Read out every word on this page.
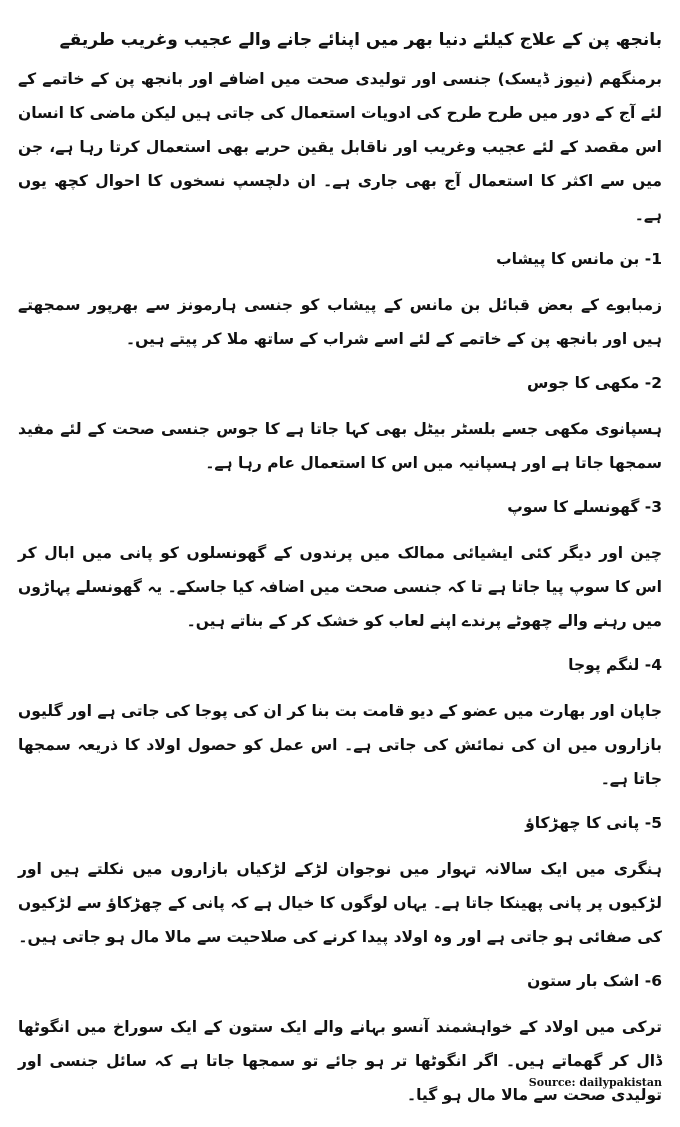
بانجھ پن کے علاج کیلئے دنیا بھر میں اپنائے جانے والے عجیب وغریب طریقے
برمنگھم (نیوز ڈیسک) جنسی اور تولیدی صحت میں اضافے اور بانجھ پن کے خاتمے کے لئے آج کے دور میں طرح طرح کی ادویات استعمال کی جاتی ہیں لیکن ماضی کا انسان اس مقصد کے لئے عجیب وغریب اور ناقابل یقین حربے بھی استعمال کرتا رہا ہے، جن میں سے اکثر کا استعمال آج بھی جاری ہے۔ ان دلچسپ نسخوں کا احوال کچھ یوں ہے۔
1- بن مانس کا پیشاب
زمبابوے کے بعض قبائل بن مانس کے پیشاب کو جنسی ہارمونز سے بھرپور سمجھتے ہیں اور بانجھ پن کے خاتمے کے لئے اسے شراب کے ساتھ ملا کر پیتے ہیں۔
2- مکھی کا جوس
ہسپانوی مکھی جسے بلسٹر بیٹل بھی کہا جاتا ہے کا جوس جنسی صحت کے لئے مفید سمجھا جاتا ہے اور ہسپانیہ میں اس کا استعمال عام رہا ہے۔
3- گھونسلے کا سوپ
چین اور دیگر کئی ایشیائی ممالک میں پرندوں کے گھونسلوں کو پانی میں ابال کر اس کا سوپ پیا جاتا ہے تا کہ جنسی صحت میں اضافہ کیا جاسکے۔ یہ گھونسلے پہاڑوں میں رہنے والے چھوٹے پرندے اپنے لعاب کو خشک کر کے بناتے ہیں۔
4- لنگم پوجا
جاپان اور بھارت میں عضو کے دیو قامت بت بنا کر ان کی پوجا کی جاتی ہے اور گلیوں بازاروں میں ان کی نمائش کی جاتی ہے۔ اس عمل کو حصول اولاد کا ذریعہ سمجھا جاتا ہے۔
5- پانی کا چھڑکاؤ
ہنگری میں ایک سالانہ تہوار میں نوجوان لڑکے لڑکیاں بازاروں میں نکلتے ہیں اور لڑکیوں پر پانی پھینکا جاتا ہے۔ یہاں لوگوں کا خیال ہے کہ پانی کے چھڑکاؤ سے لڑکیوں کی صفائی ہو جاتی ہے اور وہ اولاد پیدا کرنے کی صلاحیت سے مالا مال ہو جاتی ہیں۔
6- اشک بار ستون
ترکی میں اولاد کے خواہشمند آنسو بہانے والے ایک ستون کے ایک سوراخ میں انگوٹھا ڈال کر گھماتے ہیں۔ اگر انگوٹھا تر ہو جائے تو سمجھا جاتا ہے کہ سائل جنسی اور تولیدی صحت سے مالا مال ہو گیا۔
Source: dailypakistan
